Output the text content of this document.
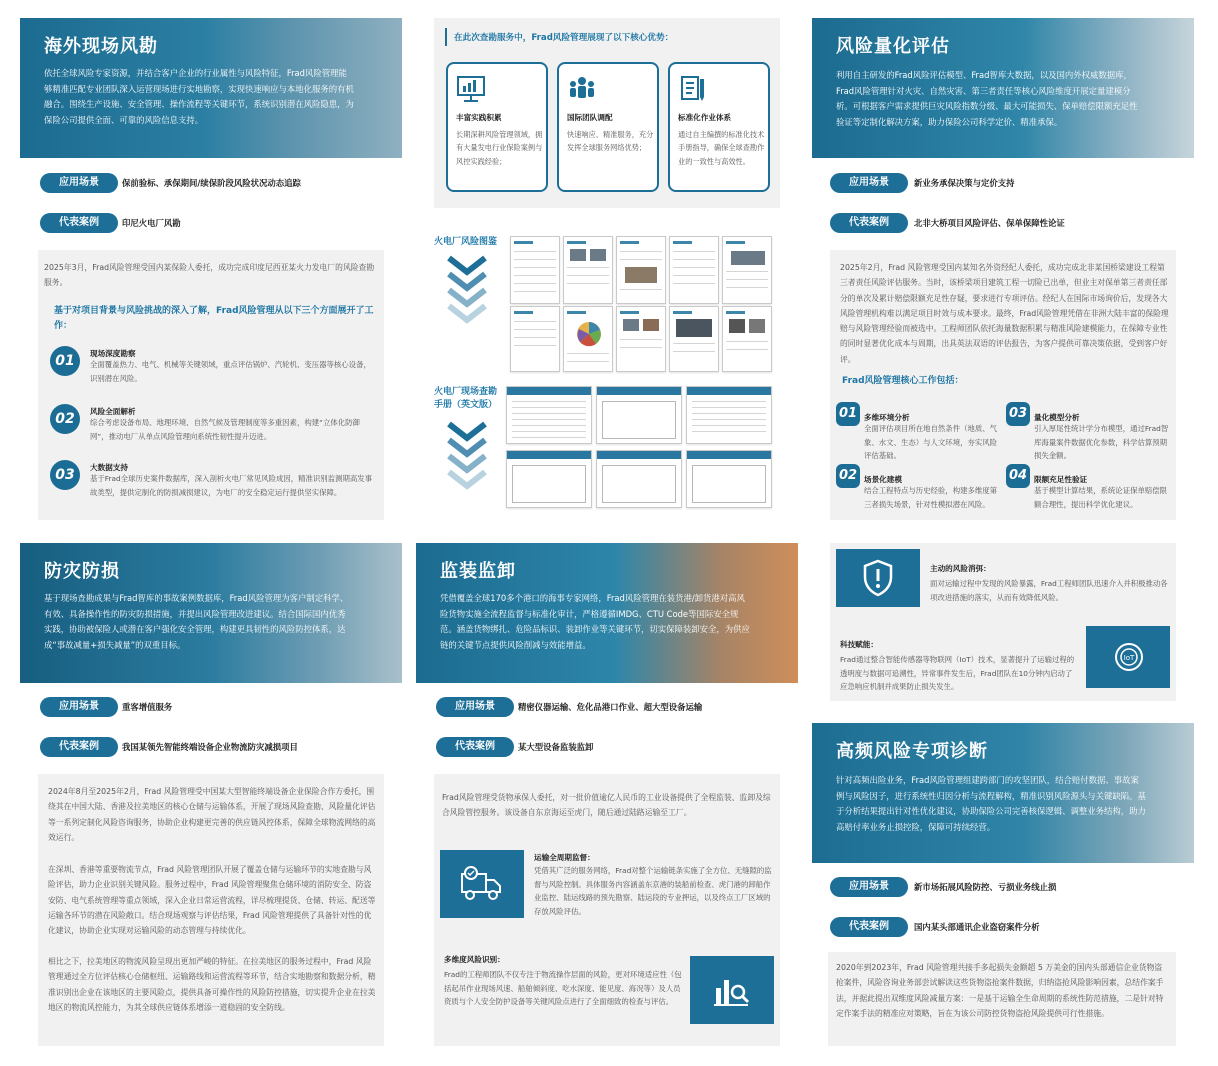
海外现场风勘
依托全球风险专家资源，并结合客户企业的行业属性与风险特征，Frad风险管理能够精准匹配专业团队深入运营现场进行实地勘察，实现快速响应与本地化服务的有机融合。围绕生产设施、安全管理、操作流程等关键环节，系统识别潜在风险隐患，为保险公司提供全面、可靠的风险信息支持。
应用场景	保前验标、承保期间/续保阶段风险状况动态追踪
代表案例	印尼火电厂风勘
2025年3月，Frad风险管理受国内某保险人委托，成功完成印度尼西亚某火力发电厂的风险查勘服务。
基于对项目背景与风险挑战的深入了解，Frad风险管理从以下三个方面展开了工作：
01	现场深度勘察
全面覆盖热力、电气、机械等关键领域，重点评估锅炉、汽轮机、变压器等核心设备，识别潜在风险。
02	风险全面解析
综合考虑设备布局、地理环境、自然气候及管理制度等多重因素，构建“立体化防御网”，推动电厂从单点风险管理向系统性韧性提升迈进。
03	大数据支持
基于Frad全球历史案件数据库，深入剖析火电厂常见风险成因，精准识别监测期高发事故类型，提供定制化的防损减损建议，为电厂的安全稳定运行提供坚实保障。
在此次查勘服务中，Frad风险管理展现了以下核心优势：
丰富实践积累
长期深耕风险管理领域，拥有大量发电行业保险案例与风控实践经验；
国际团队调配
快速响应、精准服务，充分发挥全球服务网络优势；
标准化作业体系
通过自主编撰的标准化技术手册指导，确保全球查勘作业的一致性与高效性。
火电厂风险图鉴
火电厂现场查勘
手册（英文版）
风险量化评估
利用自主研发的Frad风险评估模型、Frad智库大数据，以及国内外权威数据库，Frad风险管理针对火灾、自然灾害、第三者责任等核心风险维度开展定量建模分析。可根据客户需求提供巨灾风险指数分级、最大可能损失、保单赔偿限额充足性验证等定制化解决方案，助力保险公司科学定价、精准承保。
应用场景	新业务承保决策与定价支持
代表案例	北非大桥项目风险评估、保单保障性论证
2025年2月，Frad 风险管理受国内某知名外资经纪人委托，成功完成北非某国桥梁建设工程第三者责任风险评估服务。当时，该桥梁项目建筑工程一切险已出单，但业主对保单第三者责任部分的单次及累计赔偿限额充足性存疑，要求进行专项评估。经纪人在国际市场询价后，发现各大风险管理机构难以满足项目时效与成本要求。最终，Frad风险管理凭借在非洲大陆丰富的保险理赔与风险管理经验而被选中。工程师团队依托海量数据积累与精准风险建模能力，在保障专业性的同时显著优化成本与周期，出具英法双语的评估报告，为客户提供可靠决策依据，受到客户好评。
Frad风险管理核心工作包括：
01 多维环境分析
全面评估项目所在地自然条件（地质、气象、水文、生态）与人文环境，夯实风险评估基础。
03 量化模型分析
引入厚尾性统计学分布模型，通过Frad智库海量案件数据优化参数，科学估算预期损失金额。
02 场景化建模
结合工程特点与历史经验，构建多维度第三者损失场景，针对性模拟潜在风险。
04 限额充足性验证
基于模型计算结果，系统论证保单赔偿限额合理性，提出科学优化建议。
防灾防损
基于现场查勘成果与Frad智库的事故案例数据库，Frad风险管理为客户制定科学、有效、具备操作性的防灾防损措施，并提出风险管理改进建议。结合国际国内优秀实践，协助被保险人或潜在客户强化安全管理，构建更具韧性的风险防控体系，达成“事故减量+损失减量”的双重目标。
应用场景	重客增值服务
代表案例	我国某领先智能终端设备企业物流防灾减损项目
2024年8月至2025年2月，Frad 风险管理受中国某大型智能终端设备企业保险合作方委托，围绕其在中国大陆、香港及拉美地区的核心仓储与运输体系，开展了现场风险查勘、风险量化评估等一系列定制化风险咨询服务，协助企业构建更完善的供应链风控体系，保障全球物流网络的高效运行。
在深圳、香港等重要物流节点，Frad 风险管理团队开展了覆盖仓储与运输环节的实地查勘与风险评估，助力企业识别关键风险。服务过程中，Frad 风险管理聚焦仓储环境的消防安全、防盗安防、电气系统管理等重点领域，深入企业日常运营流程，详尽梳理提货、仓储、转运、配送等运输各环节的潜在风险敞口。结合现场观察与评估结果，Frad 风险管理提供了具备针对性的优化建议，协助企业实现对运输风险的动态管理与持续优化。
相比之下，拉美地区的物流风险呈现出更加严峻的特征。在拉美地区的服务过程中，Frad 风险管理通过全方位评估核心仓储枢纽、运输路线和运营流程等环节，结合实地勘察和数据分析，精准识别出企业在该地区的主要风险点，提供具备可操作性的风险防控措施，切实提升企业在拉美地区的物流风控能力，为其全球供应链体系增添一道稳固的安全防线。
监装监卸
凭借覆盖全球170多个港口的海事专家网络，Frad风险管理在装货港/卸货港对高风险货物实施全流程监督与标准化审计，严格遵循IMDG、CTU Code等国际安全规范。涵盖货物绑扎、危险品标识、装卸作业等关键环节，切实保障装卸安全，为供应链的关键节点提供风险削减与效能增益。
应用场景	精密仪器运输、危化品港口作业、超大型设备运输
代表案例	某大型设备监装监卸
Frad风险管理受货物承保人委托，对一批价值逾亿人民币的工业设备提供了全程监装、监卸及综合风险管控服务。该设备自东京海运至虎门，随后通过陆路运输至工厂。
运输全周期监督：
凭借其广泛的服务网络，Frad对整个运输链条实施了全方位、无缝隙的监督与风险控制。具体服务内容涵盖东京港的装船前检查、虎门港的卸船作业监控、陆运线路的预先勘察、陆运段的专业押运，以及终点工厂区域的存放风险评估。
多维度风险识别：
Frad的工程师团队不仅专注于物流操作层面的风险，更对环境适应性（包括起吊作业现场风速、船舶倾斜度、吃水深度、能见度、海况等）及人员资质与个人安全防护设备等关键风险点进行了全面细致的检查与评估。
主动的风险消弭：
面对运输过程中发现的风险暴露，Frad工程师团队迅速介入并积极推动各项改进措施的落实，从而有效降低风险。
科技赋能：
Frad通过整合智能传感器等物联网（IoT）技术，显著提升了运输过程的透明度与数据可追溯性，异常事件发生后，Frad团队在10分钟内启动了应急响应机制并成果防止损失发生。
IoT
高频风险专项诊断
针对高频出险业务，Frad风险管理组建跨部门的攻坚团队，结合赔付数据、事故案例与风险因子，进行系统性归因分析与流程解构，精准识别风险源头与关键缺陷。基于分析结果提出针对性优化建议，协助保险公司完善核保逻辑、调整业务结构，助力高赔付率业务止损控险，保障可持续经营。
应用场景	新市场拓展风险防控、亏损业务线止损
代表案例	国内某头部通讯企业盗窃案件分析
2020年到2023年，Frad 风险管理共接手多起损失金额超 5 万美金的国内头部通信企业货物盗抢案件，风险咨询业务部尝试解读这些货物盗抢案件数据，归纳盗抢风险影响因素，总结作案手法，并据此提出双维度风险减量方案：一是基于运输全生命周期的系统性防范措施，二是针对特定作案手法的精准应对策略，旨在为该公司防控货物盗抢风险提供可行性措施。
